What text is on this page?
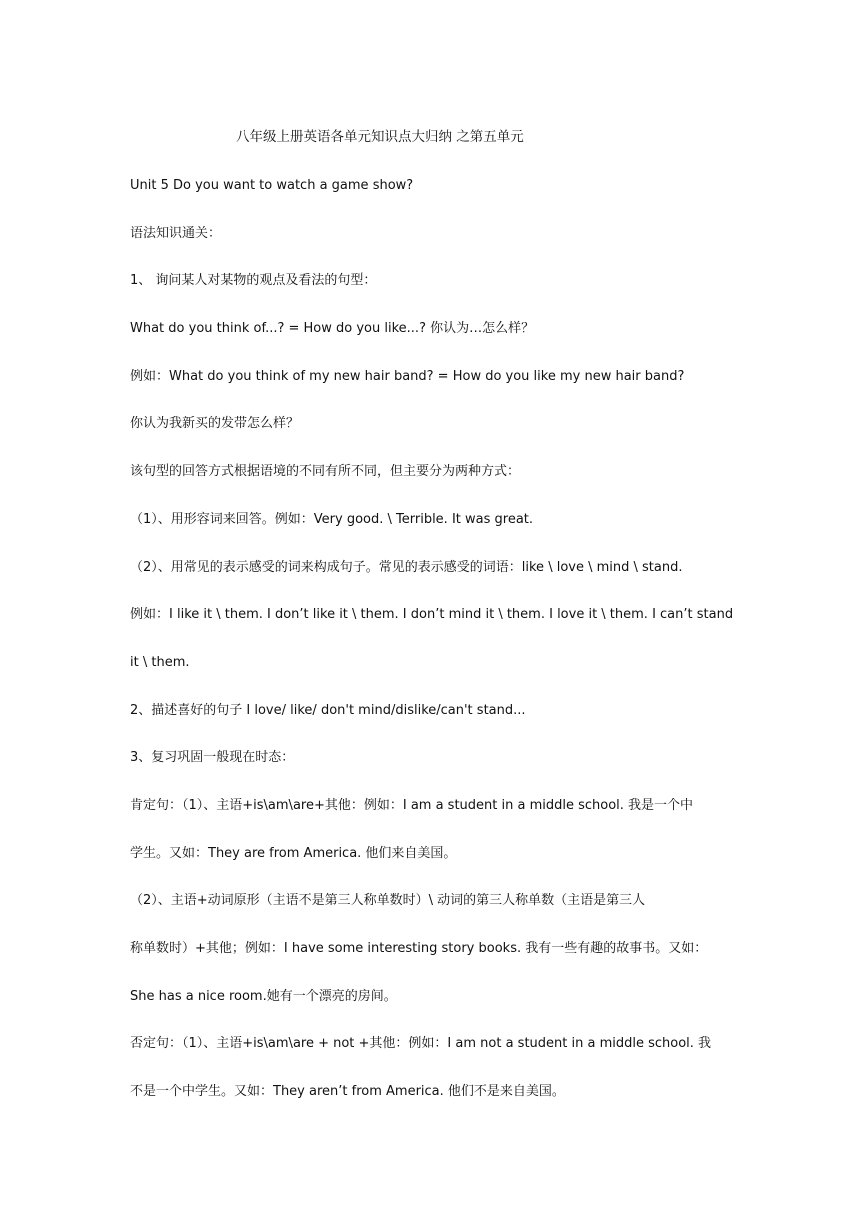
八年级上册英语各单元知识点大归纳 之第五单元
Unit 5 Do you want to watch a game show?
语法知识通关：
1、 询问某人对某物的观点及看法的句型：
What do you think of...? = How do you like...? 你认为…怎么样？
例如：What do you think of my new hair band? = How do you like my new hair band?
你认为我新买的发带怎么样？
该句型的回答方式根据语境的不同有所不同，但主要分为两种方式：
（1）、用形容词来回答。例如：Very good. \ Terrible. It was great.
（2）、用常见的表示感受的词来构成句子。常见的表示感受的词语：like \ love \ mind \ stand.
例如：I like it \ them. I don’t like it \ them. I don’t mind it \ them. I love it \ them. I can’t stand
it \ them.
2、描述喜好的句子 I love/ like/ don't mind/dislike/can't stand...
3、复习巩固一般现在时态：
肯定句：（1）、主语+is\am\are+其他：例如：I am a student in a middle school. 我是一个中
学生。又如：They are from America. 他们来自美国。
（2）、主语+动词原形（主语不是第三人称单数时）\ 动词的第三人称单数（主语是第三人
称单数时）+其他；例如：I have some interesting story books. 我有一些有趣的故事书。又如：
She has a nice room.她有一个漂亮的房间。
否定句：（1）、主语+is\am\are + not +其他：例如：I am not a student in a middle school. 我
不是一个中学生。又如：They aren’t from America. 他们不是来自美国。
